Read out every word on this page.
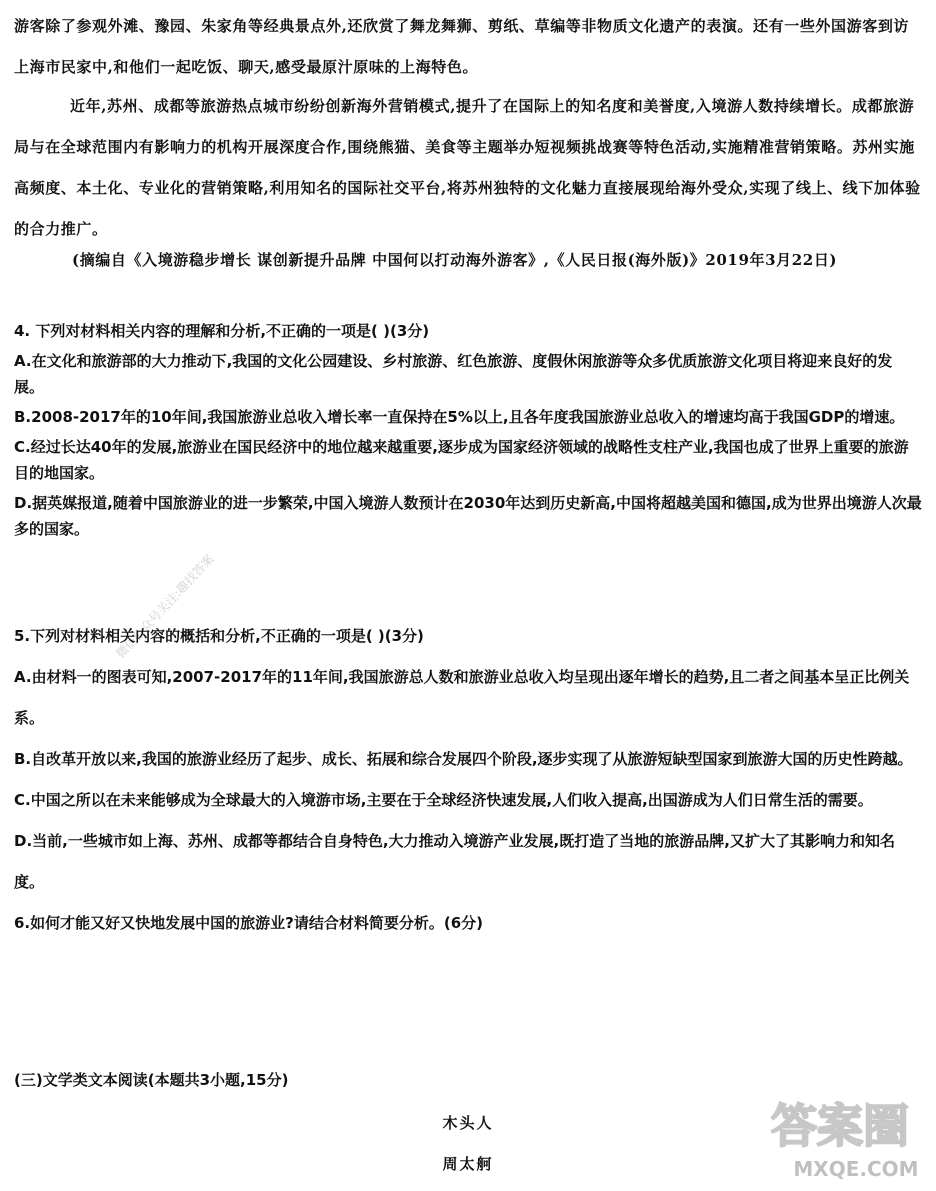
游客除了参观外滩、豫园、朱家角等经典景点外,还欣赏了舞龙舞狮、剪纸、草编等非物质文化遗产的表演。还有一些外国游客到访上海市民家中,和他们一起吃饭、聊天,感受最原汁原味的上海特色。

近年,苏州、成都等旅游热点城市纷纷创新海外营销模式,提升了在国际上的知名度和美誉度,入境游人数持续增长。成都旅游局与在全球范围内有影响力的机构开展深度合作,围绕熊猫、美食等主题举办短视频挑战赛等特色活动,实施精准营销策略。苏州实施高频度、本土化、专业化的营销策略,利用知名的国际社交平台,将苏州独特的文化魅力直接展现给海外受众,实现了线上、线下加体验的合力推广。

(摘编自《入境游稳步增长 谋创新提升品牌 中国何以打动海外游客》,《人民日报(海外版)》2019年3月22日)

4. 下列对材料相关内容的理解和分析,不正确的一项是( )(3分)
A.在文化和旅游部的大力推动下,我国的文化公园建设、乡村旅游、红色旅游、度假休闲旅游等众多优质旅游文化项目将迎来良好的发展。
B.2008-2017年的10年间,我国旅游业总收入增长率一直保持在5%以上,且各年度我国旅游业总收入的增速均高于我国GDP的增速。
C.经过长达40年的发展,旅游业在国民经济中的地位越来越重要,逐步成为国家经济领域的战略性支柱产业,我国也成了世界上重要的旅游目的地国家。
D.据英媒报道,随着中国旅游业的进一步繁荣,中国入境游人数预计在2030年达到历史新高,中国将超越美国和德国,成为世界出境游人次最多的国家。
5.下列对材料相关内容的概括和分析,不正确的一项是( )(3分)
A.由材料一的图表可知,2007-2017年的11年间,我国旅游总人数和旅游业总收入均呈现出逐年增长的趋势,且二者之间基本呈正比例关系。
B.自改革开放以来,我国的旅游业经历了起步、成长、拓展和综合发展四个阶段,逐步实现了从旅游短缺型国家到旅游大国的历史性跨越。
C.中国之所以在未来能够成为全球最大的入境游市场,主要在于全球经济快速发展,人们收入提高,出国游成为人们日常生活的需要。
D.当前,一些城市如上海、苏州、成都等都结合自身特色,大力推动入境游产业发展,既打造了当地的旅游品牌,又扩大了其影响力和知名度。
6.如何才能又好又快地发展中国的旅游业?请结合材料简要分析。(6分)
(三)文学类文本阅读(本题共3小题,15分)
木头人
周太舸
微信公众号关注:趣找答案
答案圈
MXQE.COM
